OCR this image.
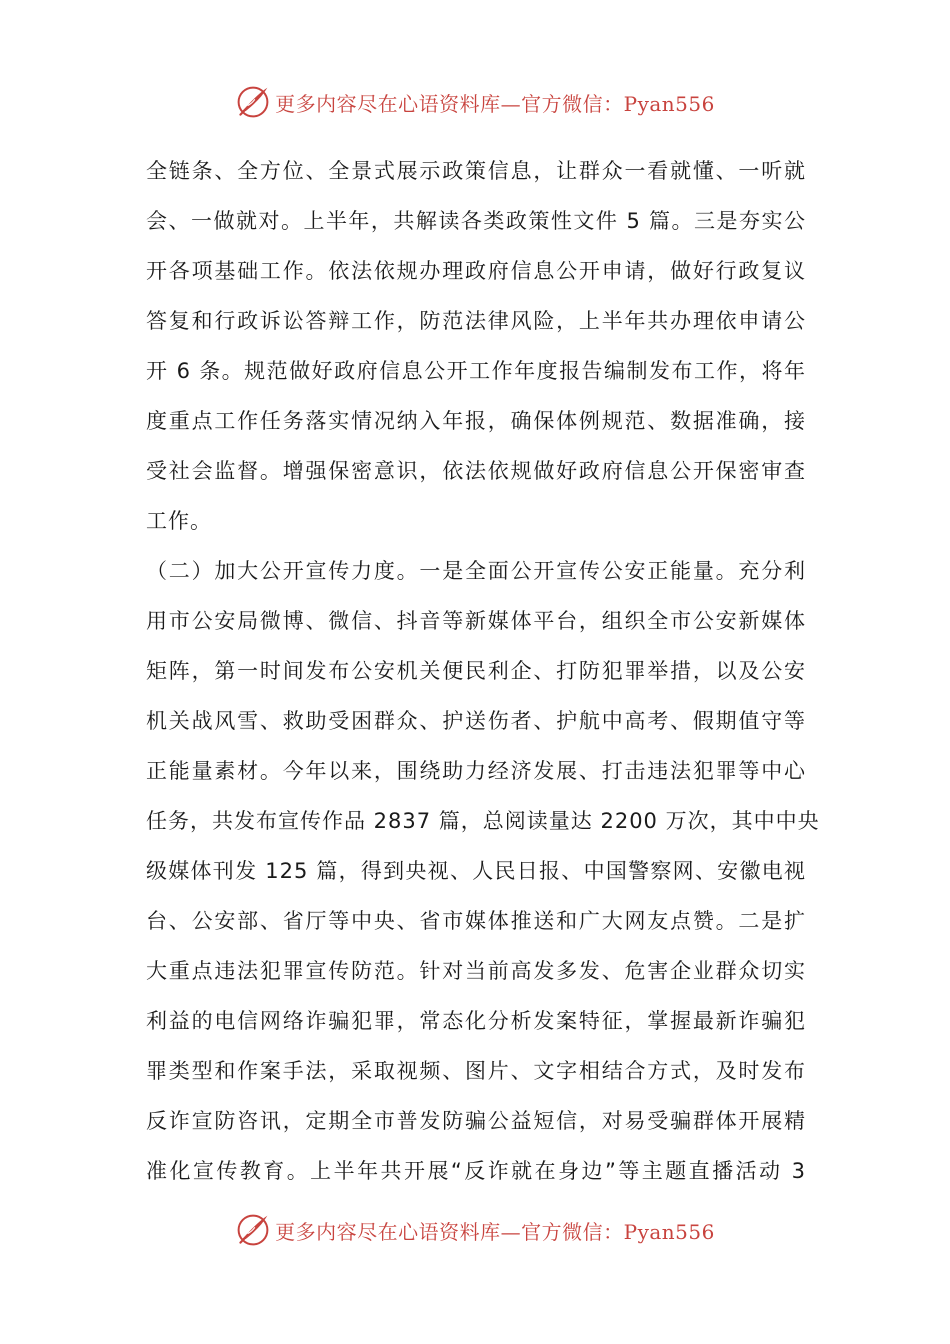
更多内容尽在心语资料库—官方微信：Pyan556
全链条、全方位、全景式展示政策信息，让群众一看就懂、一听就
会、一做就对。上半年，共解读各类政策性文件 5 篇。三是夯实公
开各项基础工作。依法依规办理政府信息公开申请，做好行政复议
答复和行政诉讼答辩工作，防范法律风险，上半年共办理依申请公
开 6 条。规范做好政府信息公开工作年度报告编制发布工作，将年
度重点工作任务落实情况纳入年报，确保体例规范、数据准确，接
受社会监督。增强保密意识，依法依规做好政府信息公开保密审查
工作。
（二）加大公开宣传力度。一是全面公开宣传公安正能量。充分利
用市公安局微博、微信、抖音等新媒体平台，组织全市公安新媒体
矩阵，第一时间发布公安机关便民利企、打防犯罪举措，以及公安
机关战风雪、救助受困群众、护送伤者、护航中高考、假期值守等
正能量素材。今年以来，围绕助力经济发展、打击违法犯罪等中心
任务，共发布宣传作品 2837 篇，总阅读量达 2200 万次，其中中央
级媒体刊发 125 篇，得到央视、人民日报、中国警察网、安徽电视
台、公安部、省厅等中央、省市媒体推送和广大网友点赞。二是扩
大重点违法犯罪宣传防范。针对当前高发多发、危害企业群众切实
利益的电信网络诈骗犯罪，常态化分析发案特征，掌握最新诈骗犯
罪类型和作案手法，采取视频、图片、文字相结合方式，及时发布
反诈宣防咨讯，定期全市普发防骗公益短信，对易受骗群体开展精
准化宣传教育。上半年共开展“反诈就在身边”等主题直播活动 3
更多内容尽在心语资料库—官方微信：Pyan556
